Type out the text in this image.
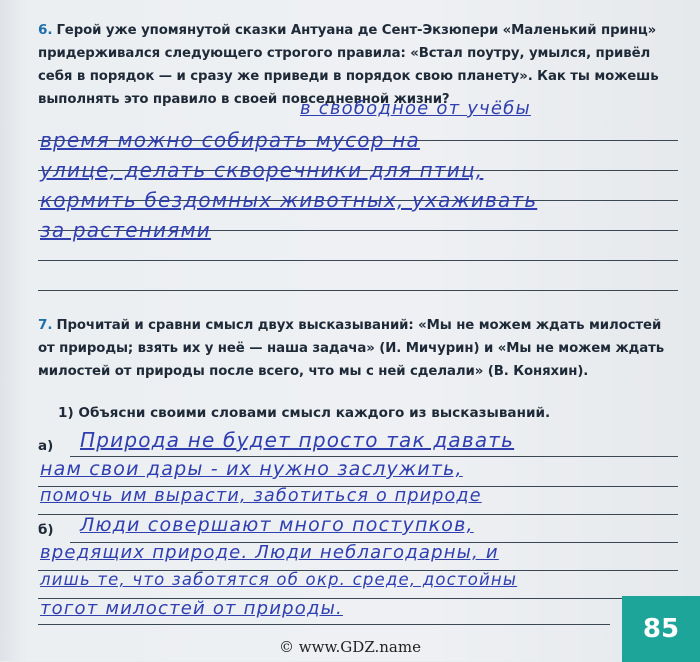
6. Герой уже упомянутой сказки Антуана де Сент-Экзюпери «Маленький принц» придерживался следующего строгого правила: «Встал поутру, умылся, привёл себя в порядок — и сразу же приведи в порядок свою планету». Как ты можешь выполнять это правило в своей повседневной жизни?
в свободное от учёбы
время можно собирать мусор на
улице, делать скворечники для птиц,
кормить бездомных животных, ухаживать
за растениями
7. Прочитай и сравни смысл двух высказываний: «Мы не можем ждать милостей от природы; взять их у неё — наша задача» (И. Мичурин) и «Мы не можем ждать милостей от природы после всего, что мы с ней сделали» (В. Коняхин).
1) Объясни своими словами смысл каждого из высказываний.
а)
б)
Природа не будет просто так давать
нам свои дары - их нужно заслужить,
помочь им вырасти, заботиться о природе
Люди совершают много поступков,
вредящих природе. Люди неблагодарны, и
лишь те, что заботятся об окр. среде, достойны
тогот милостей от природы.
85
© www.GDZ.name
